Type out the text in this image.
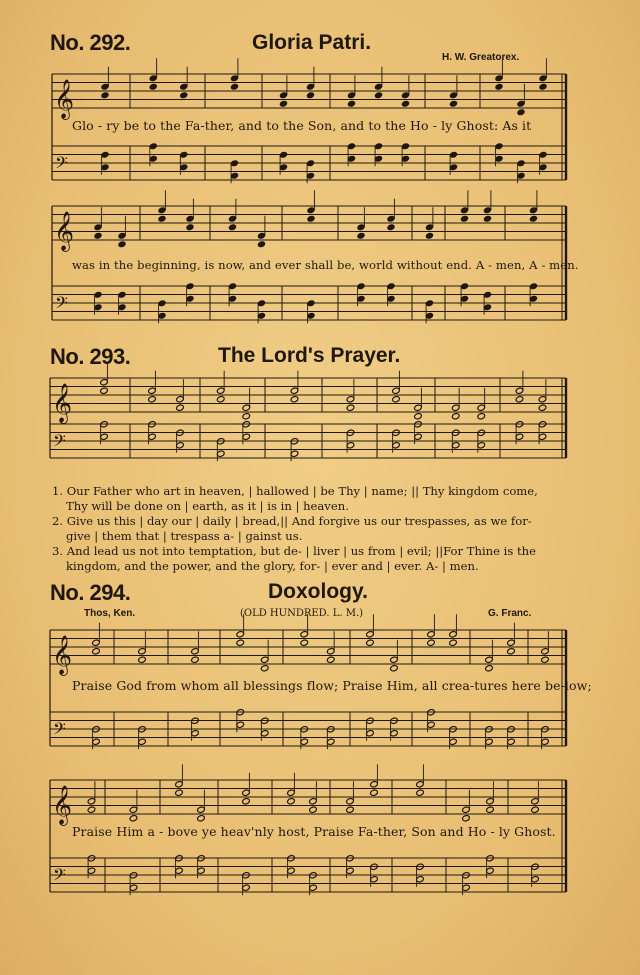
No. 292.	Gloria Patri.
H. W. Greatorex.
𝄞
𝄢
Glo - ry be to the Fa-ther, and to the Son, and to the Ho - ly Ghost: As it
𝄞
𝄢
was in the beginning, is now, and ever shall be, world without end. A - men, A - men.
No. 293.	The Lord's Prayer.
𝄞
𝄢
1. Our Father who art in heaven, | hallowed | be Thy | name; || Thy kingdom come,
Thy will be done on | earth, as it | is in | heaven.
2. Give us this | day our | daily | bread,|| And forgive us our trespasses, as we for-
give | them that | trespass a- | gainst us.
3. And lead us not into temptation, but de- | liver | us from | evil; ||For Thine is the
kingdom, and the power, and the glory, for- | ever and | ever. A- | men.
No. 294.	Doxology.
Thos, Ken.	(OLD HUNDRED. L. M.)	G. Franc.
𝄞
𝄢
Praise God from whom all blessings flow; Praise Him, all crea-tures here be-low;
𝄞
𝄢
Praise Him a - bove ye heav'nly host, Praise Fa-ther, Son and Ho - ly Ghost.
